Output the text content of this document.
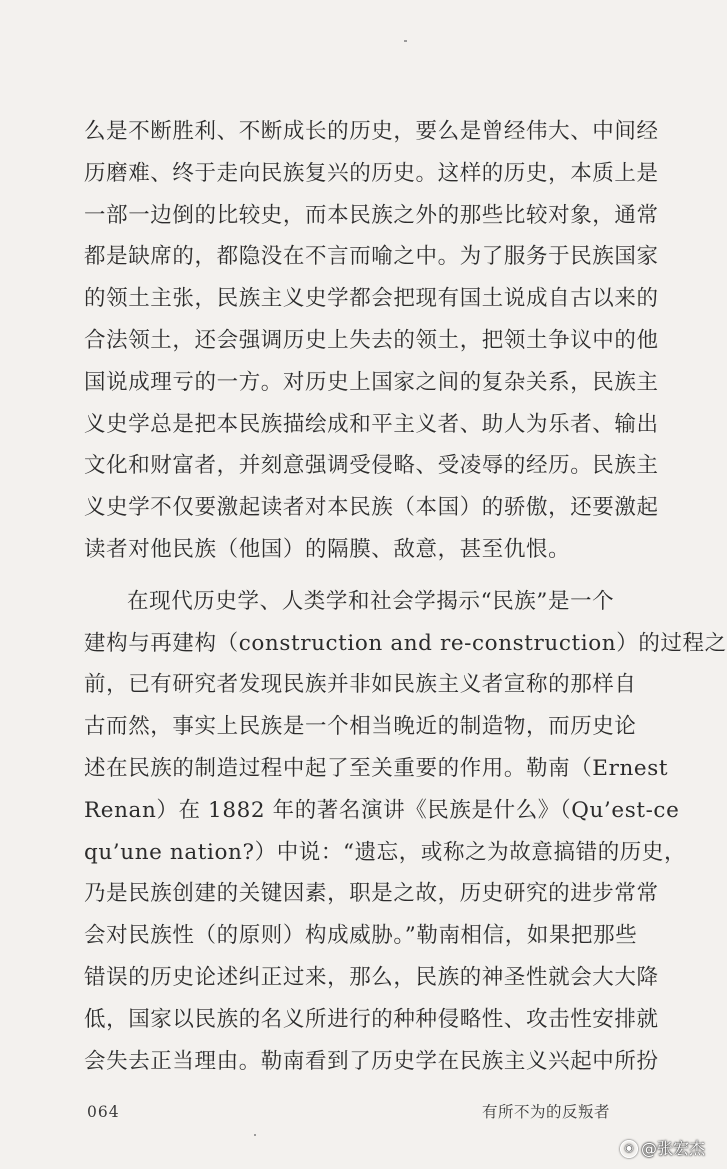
么是不断胜利、不断成长的历史，要么是曾经伟大、中间经
历磨难、终于走向民族复兴的历史。这样的历史，本质上是
一部一边倒的比较史，而本民族之外的那些比较对象，通常
都是缺席的，都隐没在不言而喻之中。为了服务于民族国家
的领土主张，民族主义史学都会把现有国土说成自古以来的
合法领土，还会强调历史上失去的领土，把领土争议中的他
国说成理亏的一方。对历史上国家之间的复杂关系，民族主
义史学总是把本民族描绘成和平主义者、助人为乐者、输出
文化和财富者，并刻意强调受侵略、受凌辱的经历。民族主
义史学不仅要激起读者对本民族（本国）的骄傲，还要激起
读者对他民族（他国）的隔膜、敌意，甚至仇恨。
在现代历史学、人类学和社会学揭示“民族”是一个
建构与再建构（construction and re-construction）的过程之
前，已有研究者发现民族并非如民族主义者宣称的那样自
古而然，事实上民族是一个相当晚近的制造物，而历史论
述在民族的制造过程中起了至关重要的作用。勒南（Ernest
Renan）在 1882 年的著名演讲《民族是什么》（Qu’est-ce
qu’une nation?）中说：“遗忘，或称之为故意搞错的历史，
乃是民族创建的关键因素，职是之故，历史研究的进步常常
会对民族性（的原则）构成威胁。”勒南相信，如果把那些
错误的历史论述纠正过来，那么，民族的神圣性就会大大降
低，国家以民族的名义所进行的种种侵略性、攻击性安排就
会失去正当理由。勒南看到了历史学在民族主义兴起中所扮
064	有所不为的反叛者
◉ @张宏杰
